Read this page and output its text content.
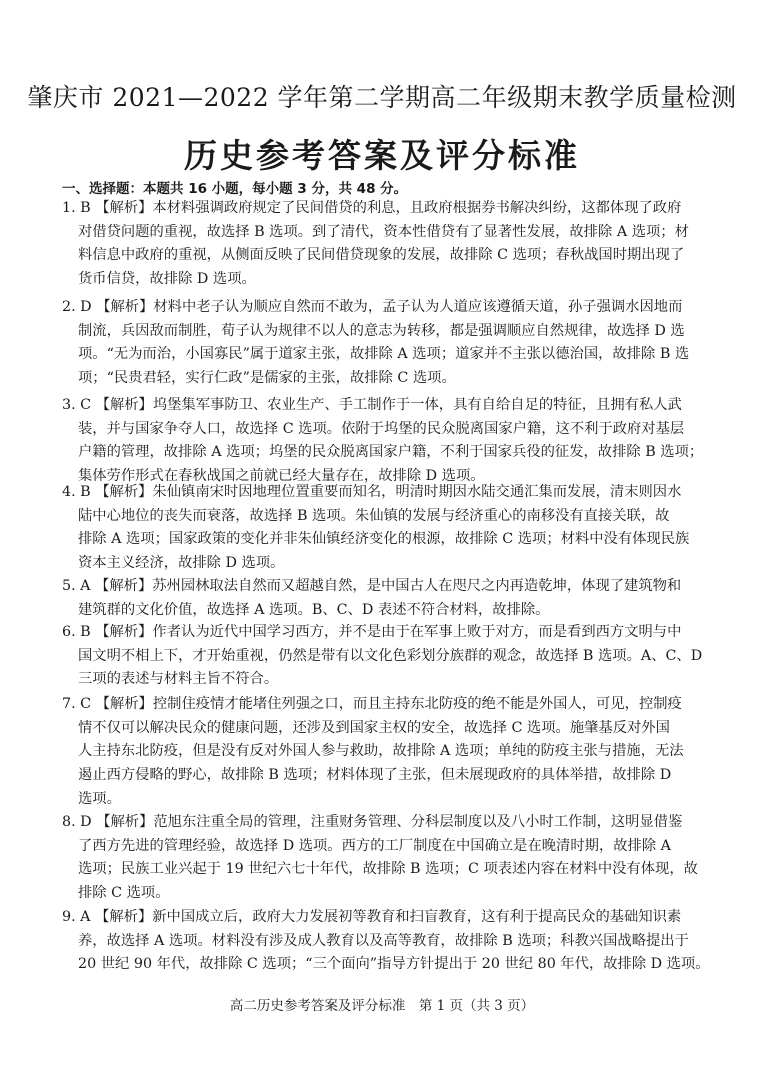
肇庆市 2021—2022 学年第二学期高二年级期末教学质量检测
历史参考答案及评分标准
一、选择题：本题共 16 小题，每小题 3 分，共 48 分。
1. B 【解析】本材料强调政府规定了民间借贷的利息，且政府根据券书解决纠纷，这都体现了政府
对借贷问题的重视，故选择 B 选项。到了清代，资本性借贷有了显著性发展，故排除 A 选项；材
料信息中政府的重视，从侧面反映了民间借贷现象的发展，故排除 C 选项；春秋战国时期出现了
货币信贷，故排除 D 选项。
2. D 【解析】材料中老子认为顺应自然而不敢为，孟子认为人道应该遵循天道，孙子强调水因地而
制流，兵因敌而制胜，荀子认为规律不以人的意志为转移，都是强调顺应自然规律，故选择 D 选
项。“无为而治，小国寡民”属于道家主张，故排除 A 选项；道家并不主张以德治国，故排除 B 选
项；“民贵君轻，实行仁政”是儒家的主张，故排除 C 选项。
3. C 【解析】坞堡集军事防卫、农业生产、手工制作于一体，具有自给自足的特征，且拥有私人武
装，并与国家争夺人口，故选择 C 选项。依附于坞堡的民众脱离国家户籍，这不利于政府对基层
户籍的管理，故排除 A 选项；坞堡的民众脱离国家户籍，不利于国家兵役的征发，故排除 B 选项；
集体劳作形式在春秋战国之前就已经大量存在，故排除 D 选项。
4. B 【解析】朱仙镇南宋时因地理位置重要而知名，明清时期因水陆交通汇集而发展，清末则因水
陆中心地位的丧失而衰落，故选择 B 选项。朱仙镇的发展与经济重心的南移没有直接关联，故
排除 A 选项；国家政策的变化并非朱仙镇经济变化的根源，故排除 C 选项；材料中没有体现民族
资本主义经济，故排除 D 选项。
5. A 【解析】苏州园林取法自然而又超越自然，是中国古人在咫尺之内再造乾坤，体现了建筑物和
建筑群的文化价值，故选择 A 选项。B、C、D 表述不符合材料，故排除。
6. B 【解析】作者认为近代中国学习西方，并不是由于在军事上败于对方，而是看到西方文明与中
国文明不相上下，才开始重视，仍然是带有以文化色彩划分族群的观念，故选择 B 选项。A、C、D
三项的表述与材料主旨不符合。
7. C 【解析】控制住疫情才能堵住列强之口，而且主持东北防疫的绝不能是外国人，可见，控制疫
情不仅可以解决民众的健康问题，还涉及到国家主权的安全，故选择 C 选项。施肇基反对外国
人主持东北防疫，但是没有反对外国人参与救助，故排除 A 选项；单纯的防疫主张与措施，无法
遏止西方侵略的野心，故排除 B 选项；材料体现了主张，但未展现政府的具体举措，故排除 D
选项。
8. D 【解析】范旭东注重全局的管理，注重财务管理、分科层制度以及八小时工作制，这明显借鉴
了西方先进的管理经验，故选择 D 选项。西方的工厂制度在中国确立是在晚清时期，故排除 A
选项；民族工业兴起于 19 世纪六七十年代，故排除 B 选项；C 项表述内容在材料中没有体现，故
排除 C 选项。
9. A 【解析】新中国成立后，政府大力发展初等教育和扫盲教育，这有利于提高民众的基础知识素
养，故选择 A 选项。材料没有涉及成人教育以及高等教育，故排除 B 选项；科教兴国战略提出于
20 世纪 90 年代，故排除 C 选项；“三个面向”指导方针提出于 20 世纪 80 年代，故排除 D 选项。
高二历史参考答案及评分标准　第 1 页（共 3 页）
